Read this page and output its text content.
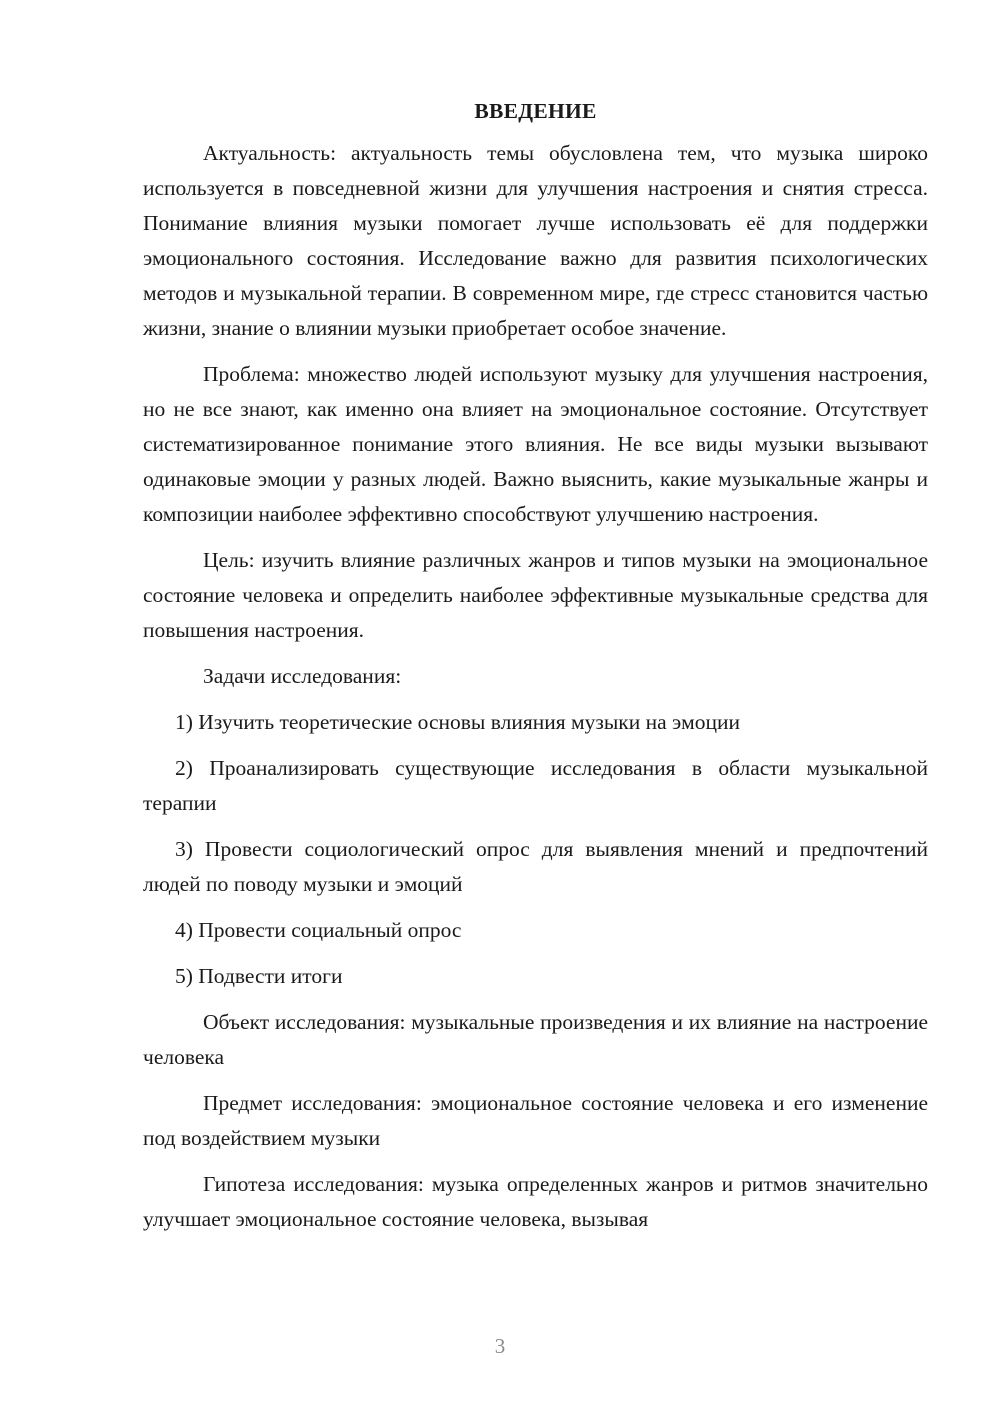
ВВЕДЕНИЕ

Актуальность: актуальность темы обусловлена тем, что музыка широко используется в повседневной жизни для улучшения настроения и снятия стресса. Понимание влияния музыки помогает лучше использовать её для поддержки эмоционального состояния. Исследование важно для развития психологических методов и музыкальной терапии. В современном мире, где стресс становится частью жизни, знание о влиянии музыки приобретает особое значение.

Проблема: множество людей используют музыку для улучшения настроения, но не все знают, как именно она влияет на эмоциональное состояние. Отсутствует систематизированное понимание этого влияния. Не все виды музыки вызывают одинаковые эмоции у разных людей. Важно выяснить, какие музыкальные жанры и композиции наиболее эффективно способствуют улучшению настроения.

Цель: изучить влияние различных жанров и типов музыки на эмоциональное состояние человека и определить наиболее эффективные музыкальные средства для повышения настроения.

Задачи исследования:

1) Изучить теоретические основы влияния музыки на эмоции

2) Проанализировать существующие исследования в области музыкальной терапии

3) Провести социологический опрос для выявления мнений и предпочтений людей по поводу музыки и эмоций

4) Провести социальный опрос

5) Подвести итоги

Объект исследования: музыкальные произведения и их влияние на настроение человека

Предмет исследования: эмоциональное состояние человека и его изменение под воздействием музыки

Гипотеза исследования: музыка определенных жанров и ритмов значительно улучшает эмоциональное состояние человека, вызывая

3
